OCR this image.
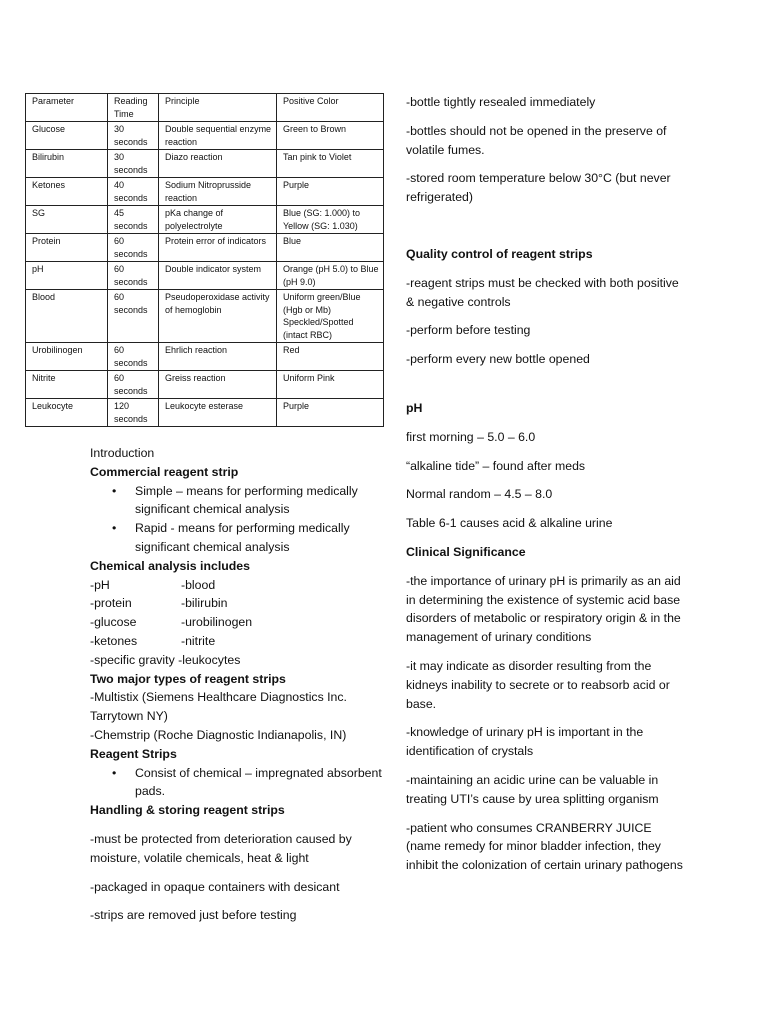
Parameter	Reading Time	Principle	Positive Color
Glucose	30 seconds	Double sequential enzyme reaction	Green to Brown
Bilirubin	30 seconds	Diazo reaction	Tan pink to Violet
Ketones	40 seconds	Sodium Nitroprusside reaction	Purple
SG	45 seconds	pKa change of polyelectrolyte	Blue (SG: 1.000) to Yellow (SG: 1.030)
Protein	60 seconds	Protein error of indicators	Blue
pH	60 seconds	Double indicator system	Orange (pH 5.0) to Blue (pH 9.0)
Blood	60 seconds	Pseudoperoxidase activity of hemoglobin	Uniform green/Blue (Hgb or Mb) Speckled/Spotted (intact RBC)
Urobilinogen	60 seconds	Ehrlich reaction	Red
Nitrite	60 seconds	Greiss reaction	Uniform Pink
Leukocyte	120 seconds	Leukocyte esterase	Purple

Introduction

Commercial reagent strip

• Simple – means for performing medically significant chemical analysis
• Rapid - means for performing medically significant chemical analysis

Chemical analysis includes

-pH	-blood
-protein	-bilirubin
-glucose	-urobilinogen
-ketones	-nitrite

-specific gravity -leukocytes

Two major types of reagent strips

-Multistix (Siemens Healthcare Diagnostics Inc. Tarrytown NY)

-Chemstrip (Roche Diagnostic Indianapolis, IN)

Reagent Strips

• Consist of chemical – impregnated absorbent pads.

Handling & storing reagent strips

-must be protected from deterioration caused by moisture, volatile chemicals, heat & light

-packaged in opaque containers with desicant

-strips are removed just before testing

-bottle tightly resealed immediately

-bottles should not be opened in the preserve of volatile fumes.

-stored room temperature below 30°C (but never refrigerated)

Quality control of reagent strips

-reagent strips must be checked with both positive & negative controls

-perform before testing

-perform every new bottle opened

pH

first morning – 5.0 – 6.0

“alkaline tide” – found after meds

Normal random – 4.5 – 8.0

Table 6-1 causes acid & alkaline urine

Clinical Significance

-the importance of urinary pH is primarily as an aid in determining the existence of systemic acid base disorders of metabolic or respiratory origin & in the management of urinary conditions

-it may indicate as disorder resulting from the kidneys inability to secrete or to reabsorb acid or base.

-knowledge of urinary pH is important in the identification of crystals

-maintaining an acidic urine can be valuable in treating UTI’s cause by urea splitting organism

-patient who consumes CRANBERRY JUICE (name remedy for minor bladder infection, they inhibit the colonization of certain urinary pathogens
